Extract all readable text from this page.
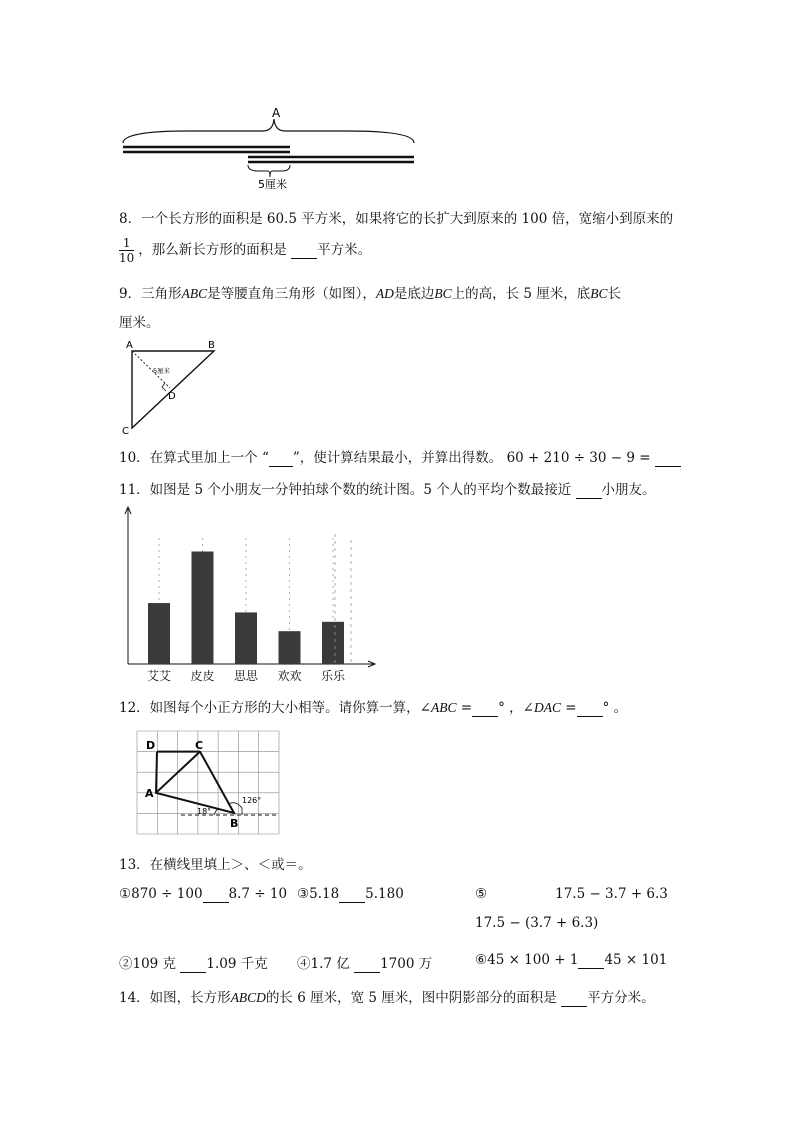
A
5厘米
8．一个长方形的面积是 60.5 平方米，如果将它的长扩大到原来的 100 倍，宽缩小到原来的
$\frac{1}{10}$ ，那么新长方形的面积是 平方米。
9．三角形ABC是等腰直角三角形（如图），AD是底边BC上的高，长 5 厘米，底BC长
厘米。
A	B
C
D
5厘米
10．在算式里加上一个 “ ”，使计算结果最小，并算出得数。 60 + 210 ÷ 30 − 9 =
11．如图是 5 个小朋友一分钟拍球个数的统计图。5 个人的平均个数最接近 小朋友。
艾艾 皮皮 思思 欢欢 乐乐
12．如图每个小正方形的大小相等。请你算一算，∠ABC = ° ，∠DAC = ° 。
D	C
A
B
18°
126°
13．在横线里填上＞、＜或＝。
①870 ÷ 100 8.7 ÷ 10 ③5.18 5.180	⑤	17.5 − 3.7 + 6.3
17.5 − (3.7 + 6.3)
②109 克 1.09 千克 ④1.7 亿 1700 万	⑥45 × 100 + 1 45 × 101
14．如图，长方形ABCD的长 6 厘米，宽 5 厘米，图中阴影部分的面积是 平方分米。
